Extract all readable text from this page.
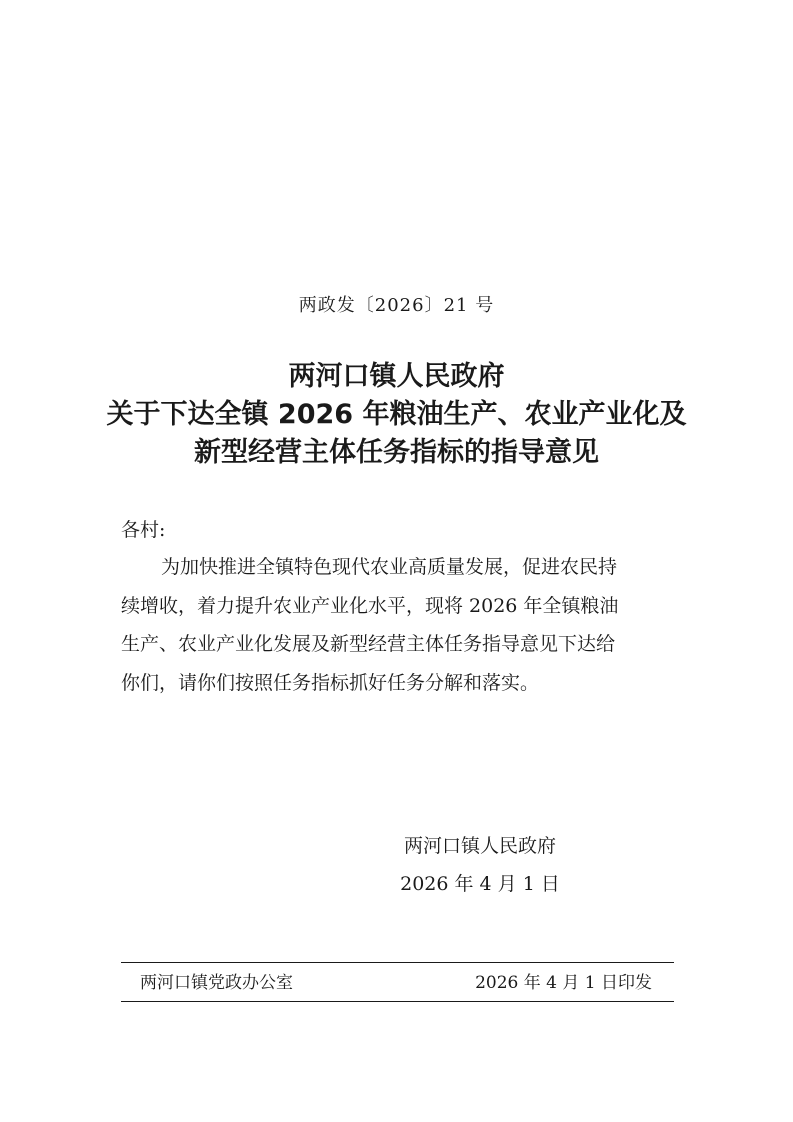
两政发〔2026〕21 号
两河口镇人民政府
关于下达全镇 2026 年粮油生产、农业产业化及
新型经营主体任务指标的指导意见
各村:
为加快推进全镇特色现代农业高质量发展，促进农民持
续增收，着力提升农业产业化水平，现将 2026 年全镇粮油
生产、农业产业化发展及新型经营主体任务指导意见下达给
你们，请你们按照任务指标抓好任务分解和落实。
两河口镇人民政府
2026 年 4 月 1 日
两河口镇党政办公室	2026 年 4 月 1 日印发
